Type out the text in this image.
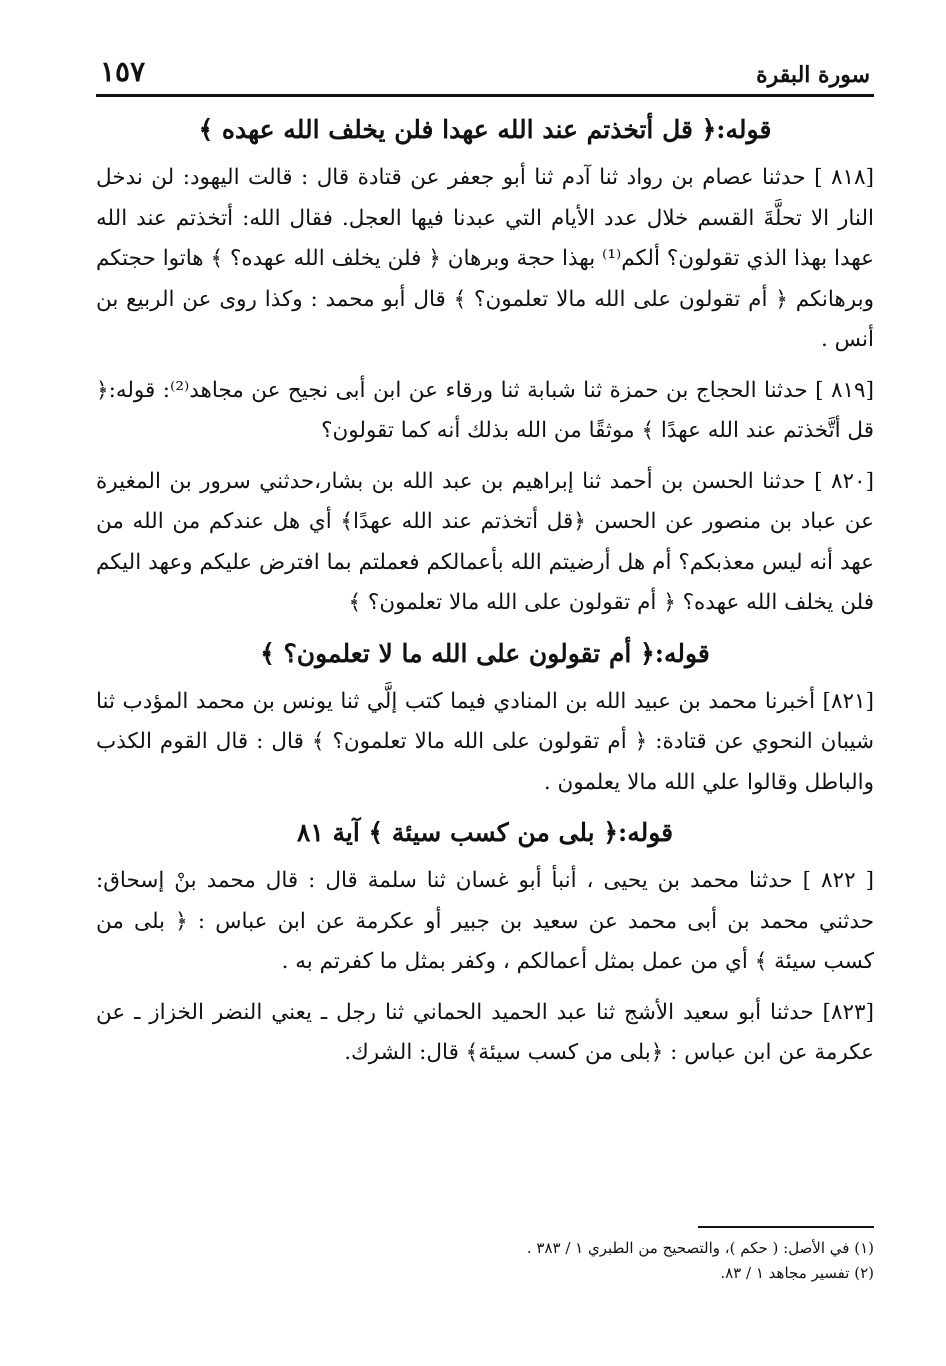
سورة البقرة
١٥٧
قوله:﴿ قل أتخذتم عند الله عهدا فلن يخلف الله عهده ﴾

[٨١٨ ] حدثنا عصام بن رواد ثنا آدم ثنا أبو جعفر عن قتادة قال : قالت اليهود: لن ندخل النار الا تحلَّةَ القسم خلال عدد الأيام التي عبدنا فيها العجل. فقال الله: أتخذتم عند الله عهدا بهذا الذي تقولون؟ ألكم⁽¹⁾ بهذا حجة وبرهان ﴿ فلن يخلف الله عهده؟ ﴾ هاتوا حجتكم وبرهانكم ﴿ أم تقولون على الله مالا تعلمون؟ ﴾ قال أبو محمد : وكذا روى عن الربيع بن أنس .

[٨١٩ ] حدثنا الحجاج بن حمزة ثنا شبابة ثنا ورقاء عن ابن أبى نجيح عن مجاهد⁽²⁾: قوله:﴿ قل أتَّخذتم عند الله عهدًا ﴾ موثقًا من الله بذلك أنه كما تقولون؟

[٨٢٠ ] حدثنا الحسن بن أحمد ثنا إبراهيم بن عبد الله بن بشار،حدثني سرور بن المغيرة عن عباد بن منصور عن الحسن ﴿قل أتخذتم عند الله عهدًا﴾ أي هل عندكم من الله من عهد أنه ليس معذبكم؟ أم هل أرضيتم الله بأعمالكم فعملتم بما افترض عليكم وعهد اليكم فلن يخلف الله عهده؟ ﴿ أم تقولون على الله مالا تعلمون؟ ﴾

قوله:﴿ أم تقولون على الله ما لا تعلمون؟ ﴾

[٨٢١] أخبرنا محمد بن عبيد الله بن المنادي فيما كتب إلَّي ثنا يونس بن محمد المؤدب ثنا شيبان النحوي عن قتادة: ﴿ أم تقولون على الله مالا تعلمون؟ ﴾ قال : قال القوم الكذب والباطل وقالوا علي الله مالا يعلمون .

قوله:﴿ بلى من كسب سيئة ﴾ آية ٨١

[ ٨٢٢ ] حدثنا محمد بن يحيى ، أنبأ أبو غسان ثنا سلمة قال : قال محمد بنْ إسحاق: حدثني محمد بن أبى محمد عن سعيد بن جبير أو عكرمة عن ابن عباس : ﴿ بلى من كسب سيئة ﴾ أي من عمل بمثل أعمالكم ، وكفر بمثل ما كفرتم به .

[٨٢٣] حدثنا أبو سعيد الأشج ثنا عبد الحميد الحماني ثنا رجل ـ يعني النضر الخزاز ـ عن عكرمة عن ابن عباس : ﴿بلى من كسب سيئة﴾ قال: الشرك.

(١) في الأصل: ( حكم )، والتصحيح من الطبري ١ / ٣٨٣ .

(٢) تفسير مجاهد ١ / ٨٣.
